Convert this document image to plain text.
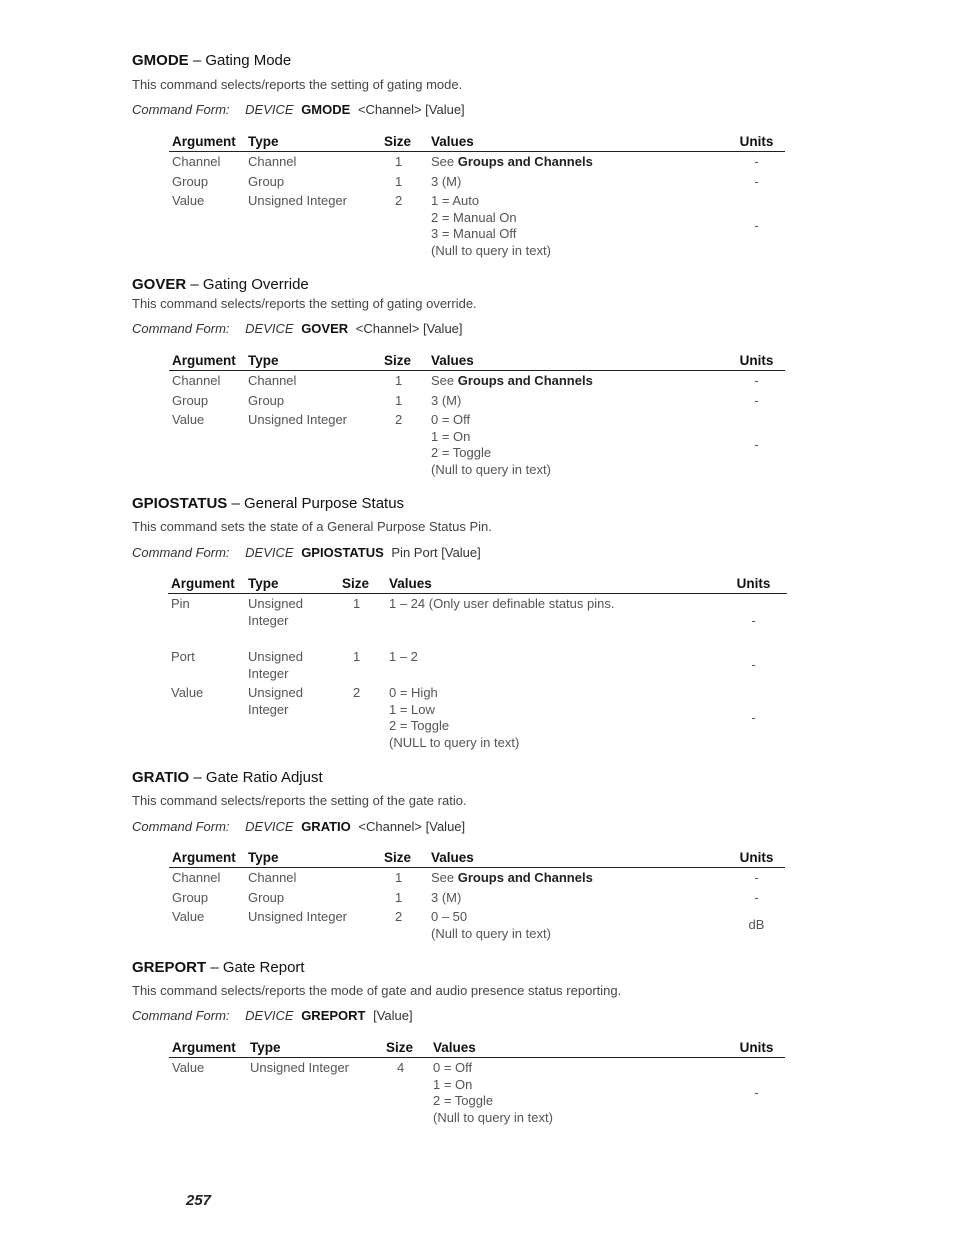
GMODE – Gating Mode
This command selects/reports the setting of gating mode.
Command Form: DEVICE GMODE <Channel> [Value]
Argument	Type	Size	Values	Units
Channel	Channel	1	See Groups and Channels	-
Group	Group	1	3 (M)	-
Value	Unsigned Integer	2	1 = Auto
2 = Manual On
3 = Manual Off
(Null to query in text)	-
GOVER – Gating Override
This command selects/reports the setting of gating override.
Command Form: DEVICE GOVER <Channel> [Value]
Argument	Type	Size	Values	Units
Channel	Channel	1	See Groups and Channels	-
Group	Group	1	3 (M)	-
Value	Unsigned Integer	2	0 = Off
1 = On
2 = Toggle
(Null to query in text)	-
GPIOSTATUS – General Purpose Status
This command sets the state of a General Purpose Status Pin.
Command Form: DEVICE GPIOSTATUS Pin Port [Value]
Argument	Type	Size	Values	Units
Pin	Unsigned Integer	1	1 – 24 (Only user definable status pins.	-
Port	Unsigned Integer	1	1 – 2	-
Value	Unsigned Integer	2	0 = High
1 = Low
2 = Toggle
(NULL to query in text)	-
GRATIO – Gate Ratio Adjust
This command selects/reports the setting of the gate ratio.
Command Form: DEVICE GRATIO <Channel> [Value]
Argument	Type	Size	Values	Units
Channel	Channel	1	See Groups and Channels	-
Group	Group	1	3 (M)	-
Value	Unsigned Integer	2	0 – 50
(Null to query in text)	dB
GREPORT – Gate Report
This command selects/reports the mode of gate and audio presence status reporting.
Command Form: DEVICE GREPORT [Value]
Argument	Type	Size	Values	Units
Value	Unsigned Integer	4	0 = Off
1 = On
2 = Toggle
(Null to query in text)	-
257
